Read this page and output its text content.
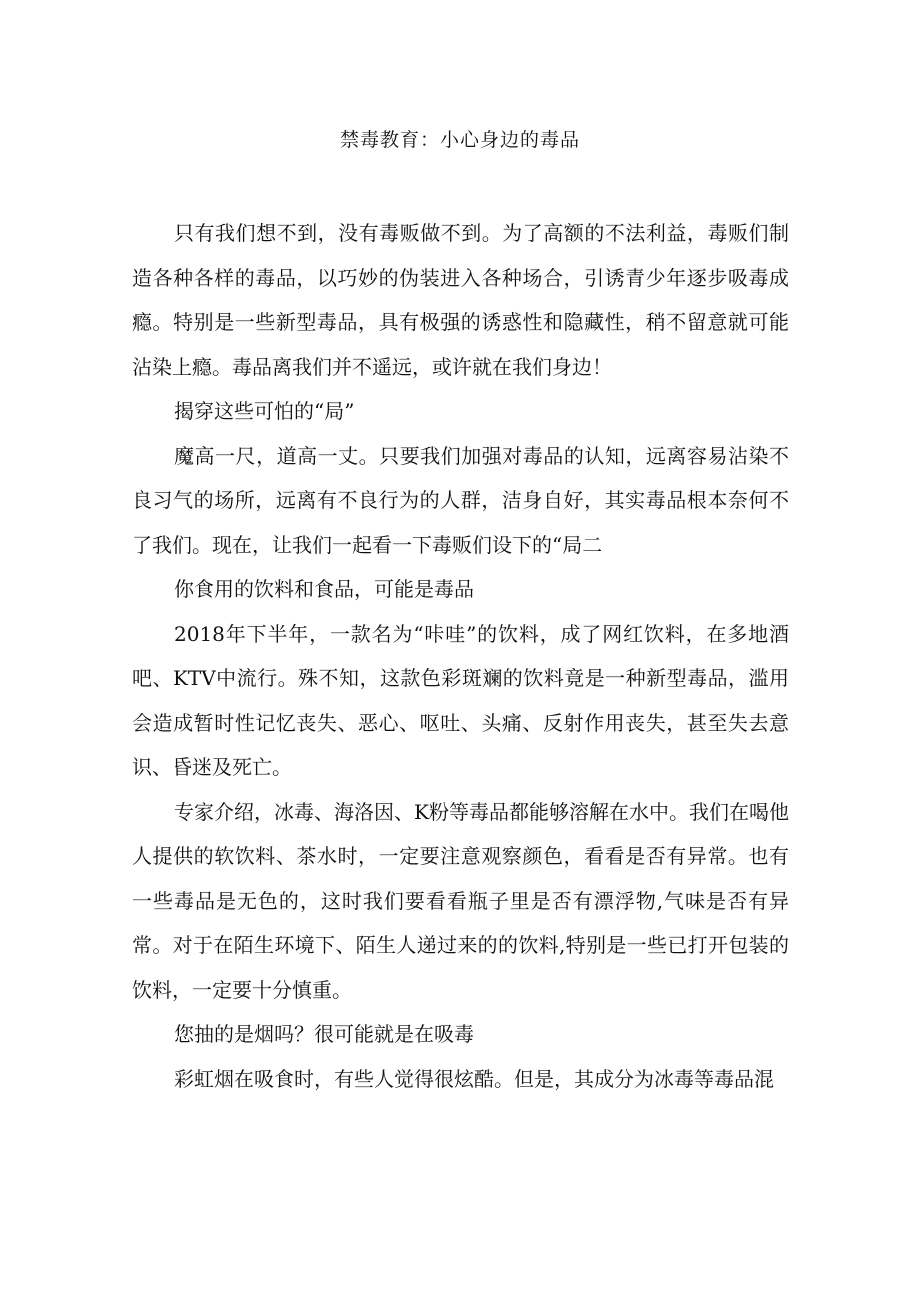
禁毒教育：小心身边的毒品

只有我们想不到，没有毒贩做不到。为了高额的不法利益，毒贩们制造各种各样的毒品，以巧妙的伪装进入各种场合，引诱青少年逐步吸毒成瘾。特别是一些新型毒品，具有极强的诱惑性和隐藏性，稍不留意就可能沾染上瘾。毒品离我们并不遥远，或许就在我们身边！

揭穿这些可怕的“局”

魔高一尺，道高一丈。只要我们加强对毒品的认知，远离容易沾染不良习气的场所，远离有不良行为的人群，洁身自好，其实毒品根本奈何不了我们。现在，让我们一起看一下毒贩们设下的“局二

你食用的饮料和食品，可能是毒品

2018年下半年，一款名为“咔哇”的饮料，成了网红饮料，在多地酒吧、KTV中流行。殊不知，这款色彩斑斓的饮料竟是一种新型毒品，滥用会造成暂时性记忆丧失、恶心、呕吐、头痛、反射作用丧失，甚至失去意识、昏迷及死亡。

专家介绍，冰毒、海洛因、K粉等毒品都能够溶解在水中。我们在喝他人提供的软饮料、茶水时，一定要注意观察颜色，看看是否有异常。也有一些毒品是无色的，这时我们要看看瓶子里是否有漂浮物,气味是否有异常。对于在陌生环境下、陌生人递过来的的饮料,特别是一些已打开包装的饮料，一定要十分慎重。

您抽的是烟吗？很可能就是在吸毒

彩虹烟在吸食时，有些人觉得很炫酷。但是，其成分为冰毒等毒品混
